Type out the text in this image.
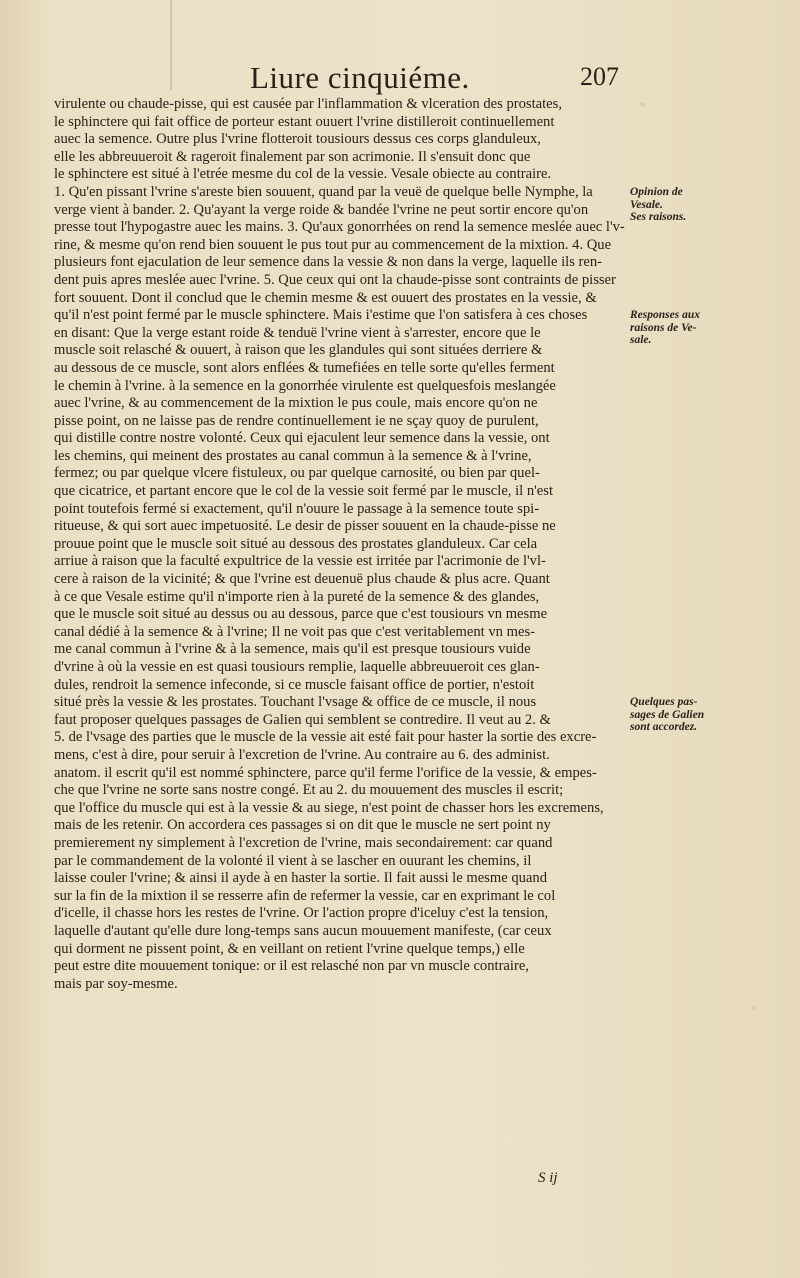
Liure cinquiéme.	207
virulente ou chaude-pisse, qui est causée par l'inflammation & vlceration des prostates,
le sphinctere qui fait office de porteur estant ouuert l'vrine distilleroit continuellement
auec la semence. Outre plus l'vrine flotteroit tousiours dessus ces corps glanduleux,
elle les abbreuueroit & rageroit finalement par son acrimonie. Il s'ensuit donc que
le sphinctere est situé à l'etrée mesme du col de la vessie. Vesale obiecte au contraire.
1. Qu'en pissant l'vrine s'areste bien souuent, quand par la veuë de quelque belle Nymphe, la
verge vient à bander. 2. Qu'ayant la verge roide & bandée l'vrine ne peut sortir encore qu'on
presse tout l'hypogastre auec les mains. 3. Qu'aux gonorrhées on rend la semence meslée auec l'v-
rine, & mesme qu'on rend bien souuent le pus tout pur au commencement de la mixtion. 4. Que
plusieurs font ejaculation de leur semence dans la vessie & non dans la verge, laquelle ils ren-
dent puis apres meslée auec l'vrine. 5. Que ceux qui ont la chaude-pisse sont contraints de pisser
fort souuent. Dont il conclud que le chemin mesme & est ouuert des prostates en la vessie, &
qu'il n'est point fermé par le muscle sphinctere. Mais i'estime que l'on satisfera à ces choses
en disant: Que la verge estant roide & tenduë l'vrine vient à s'arrester, encore que le
muscle soit relasché & ouuert, à raison que les glandules qui sont situées derriere &
au dessous de ce muscle, sont alors enflées & tumefiées en telle sorte qu'elles ferment
le chemin à l'vrine. à la semence en la gonorrhée virulente est quelquesfois meslangée
auec l'vrine, & au commencement de la mixtion le pus coule, mais encore qu'on ne
pisse point, on ne laisse pas de rendre continuellement ie ne sçay quoy de purulent,
qui distille contre nostre volonté. Ceux qui ejaculent leur semence dans la vessie, ont
les chemins, qui meinent des prostates au canal commun à la semence & à l'vrine,
fermez; ou par quelque vlcere fistuleux, ou par quelque carnosité, ou bien par quel-
que cicatrice, et partant encore que le col de la vessie soit fermé par le muscle, il n'est
point toutefois fermé si exactement, qu'il n'ouure le passage à la semence toute spi-
ritueuse, & qui sort auec impetuosité. Le desir de pisser souuent en la chaude-pisse ne
prouue point que le muscle soit situé au dessous des prostates glanduleux. Car cela
arriue à raison que la faculté expultrice de la vessie est irritée par l'acrimonie de l'vl-
cere à raison de la vicinité; & que l'vrine est deuenuë plus chaude & plus acre. Quant
à ce que Vesale estime qu'il n'importe rien à la pureté de la semence & des glandes,
que le muscle soit situé au dessus ou au dessous, parce que c'est tousiours vn mesme
canal dédié à la semence & à l'vrine; Il ne voit pas que c'est veritablement vn mes-
me canal commun à l'vrine & à la semence, mais qu'il est presque tousiours vuide
d'vrine à où la vessie en est quasi tousiours remplie, laquelle abbreuueroit ces glan-
dules, rendroit la semence infeconde, si ce muscle faisant office de portier, n'estoit
situé près la vessie & les prostates. Touchant l'vsage & office de ce muscle, il nous
faut proposer quelques passages de Galien qui semblent se contredire. Il veut au 2. &
5. de l'vsage des parties que le muscle de la vessie ait esté fait pour haster la sortie des excre-
mens, c'est à dire, pour seruir à l'excretion de l'vrine. Au contraire au 6. des administ.
anatom. il escrit qu'il est nommé sphinctere, parce qu'il ferme l'orifice de la vessie, & empes-
che que l'vrine ne sorte sans nostre congé. Et au 2. du mouuement des muscles il escrit;
que l'office du muscle qui est à la vessie & au siege, n'est point de chasser hors les excremens,
mais de les retenir. On accordera ces passages si on dit que le muscle ne sert point ny
premierement ny simplement à l'excretion de l'vrine, mais secondairement: car quand
par le commandement de la volonté il vient à se lascher en ouurant les chemins, il
laisse couler l'vrine; & ainsi il ayde à en haster la sortie. Il fait aussi le mesme quand
sur la fin de la mixtion il se resserre afin de refermer la vessie, car en exprimant le col
d'icelle, il chasse hors les restes de l'vrine. Or l'action propre d'iceluy c'est la tension,
laquelle d'autant qu'elle dure long-temps sans aucun mouuement manifeste, (car ceux
qui dorment ne pissent point, & en veillant on retient l'vrine quelque temps,) elle
peut estre dite mouuement tonique: or il est relasché non par vn muscle contraire,
mais par soy-mesme.
Opinion de
Vesale.
Ses raisons.
Responses aux
raisons de Ve-
sale.
Quelques pas-
sages de Galien
sont accordez.
S ij
